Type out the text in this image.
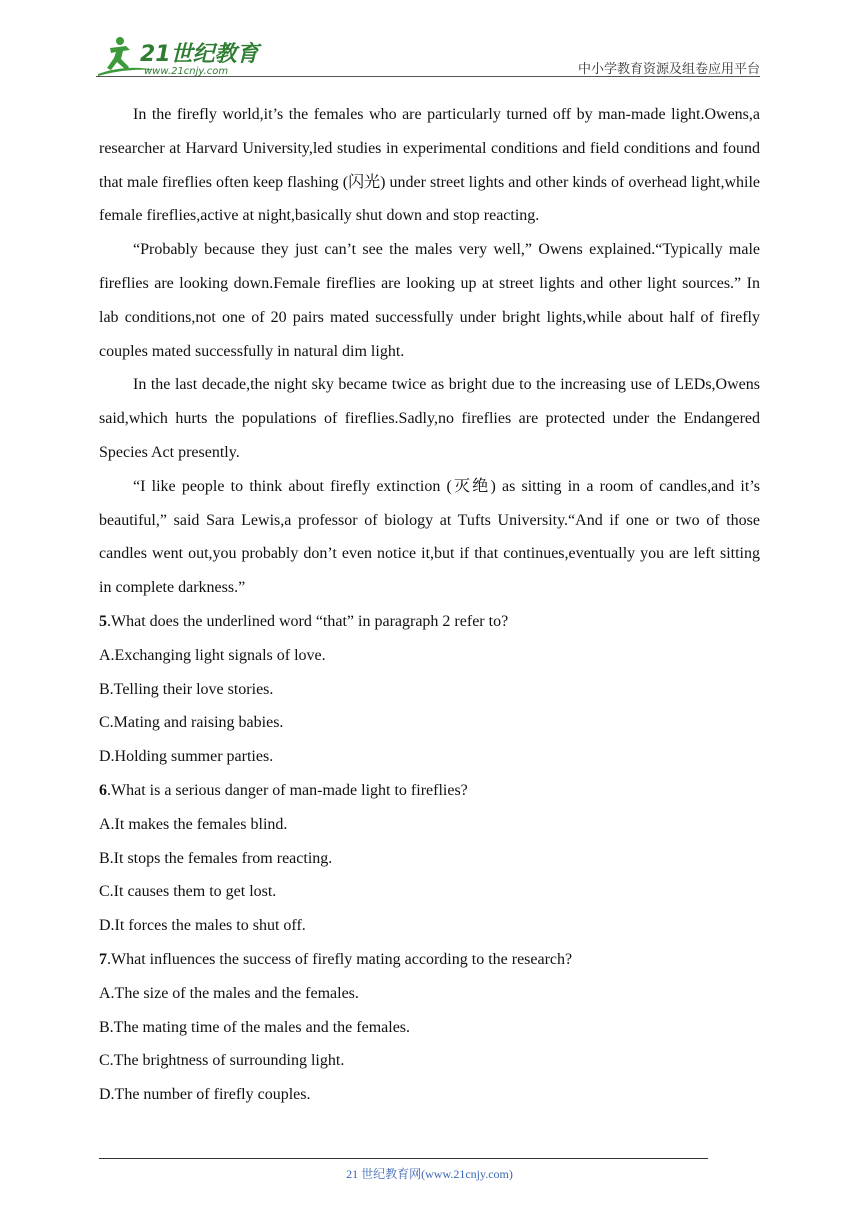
21世纪教育
www.21cnjy.com	中小学教育资源及组卷应用平台

In the firefly world,it’s the females who are particularly turned off by man-made light.Owens,a researcher at Harvard University,led studies in experimental conditions and field conditions and found that male fireflies often keep flashing (闪光) under street lights and other kinds of overhead light,while female fireflies,active at night,basically shut down and stop reacting.

“Probably because they just can’t see the males very well,” Owens explained.“Typically male fireflies are looking down.Female fireflies are looking up at street lights and other light sources.” In lab conditions,not one of 20 pairs mated successfully under bright lights,while about half of firefly couples mated successfully in natural dim light.

In the last decade,the night sky became twice as bright due to the increasing use of LEDs,Owens said,which hurts the populations of fireflies.Sadly,no fireflies are protected under the Endangered Species Act presently.

“I like people to think about firefly extinction (灭绝) as sitting in a room of candles,and it’s beautiful,” said Sara Lewis,a professor of biology at Tufts University.“And if one or two of those candles went out,you probably don’t even notice it,but if that continues,eventually you are left sitting in complete darkness.”

5.What does the underlined word “that” in paragraph 2 refer to?

A.Exchanging light signals of love.

B.Telling their love stories.

C.Mating and raising babies.

D.Holding summer parties.

6.What is a serious danger of man-made light to fireflies?

A.It makes the females blind.

B.It stops the females from reacting.

C.It causes them to get lost.

D.It forces the males to shut off.

7.What influences the success of firefly mating according to the research?

A.The size of the males and the females.

B.The mating time of the males and the females.

C.The brightness of surrounding light.

D.The number of firefly couples.

21 世纪教育网(www.21cnjy.com)
